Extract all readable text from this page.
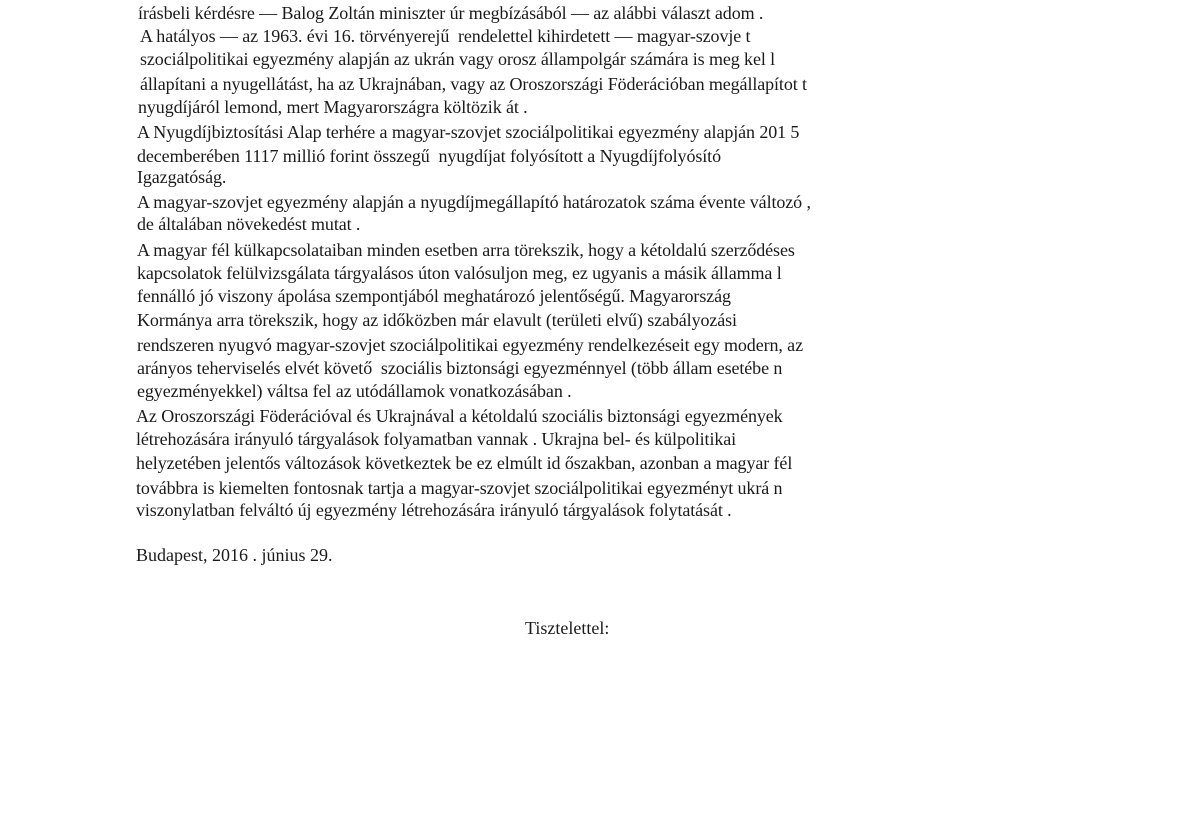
írásbeli kérdésre — Balog Zoltán miniszter úr megbízásából — az alábbi választ adom .
A hatályos — az 1963. évi 16. törvényerejű  rendelettel kihirdetett — magyar-szovje t
szociálpolitikai egyezmény alapján az ukrán vagy orosz állampolgár számára is meg kel l
állapítani a nyugellátást, ha az Ukrajnában, vagy az Oroszországi Föderációban megállapítot t
nyugdíjáról lemond, mert Magyarországra költözik át .
A Nyugdíjbiztosítási Alap terhére a magyar-szovjet szociálpolitikai egyezmény alapján 201 5
decemberében 1117 millió forint összegű  nyugdíjat folyósított a Nyugdíjfolyósító
Igazgatóság.
A magyar-szovjet egyezmény alapján a nyugdíjmegállapító határozatok száma évente változó ,
de általában növekedést mutat .
A magyar fél külkapcsolataiban minden esetben arra törekszik, hogy a kétoldalú szerződéses
kapcsolatok felülvizsgálata tárgyalásos úton valósuljon meg, ez ugyanis a másik államma l
fennálló jó viszony ápolása szempontjából meghatározó jelentőségű. Magyarország
Kormánya arra törekszik, hogy az időközben már elavult (területi elvű) szabályozási
rendszeren nyugvó magyar-szovjet szociálpolitikai egyezmény rendelkezéseit egy modern, az
arányos teherviselés elvét követő  szociális biztonsági egyezménnyel (több állam esetébe n
egyezményekkel) váltsa fel az utódállamok vonatkozásában .
Az Oroszországi Föderációval és Ukrajnával a kétoldalú szociális biztonsági egyezmények
létrehozására irányuló tárgyalások folyamatban vannak . Ukrajna bel- és külpolitikai
helyzetében jelentős változások következtek be ez elmúlt id őszakban, azonban a magyar fél
továbbra is kiemelten fontosnak tartja a magyar-szovjet szociálpolitikai egyezményt ukrá n
viszonylatban felváltó új egyezmény létrehozására irányuló tárgyalások folytatását .
Budapest, 2016 . június 29.
Tisztelettel:
